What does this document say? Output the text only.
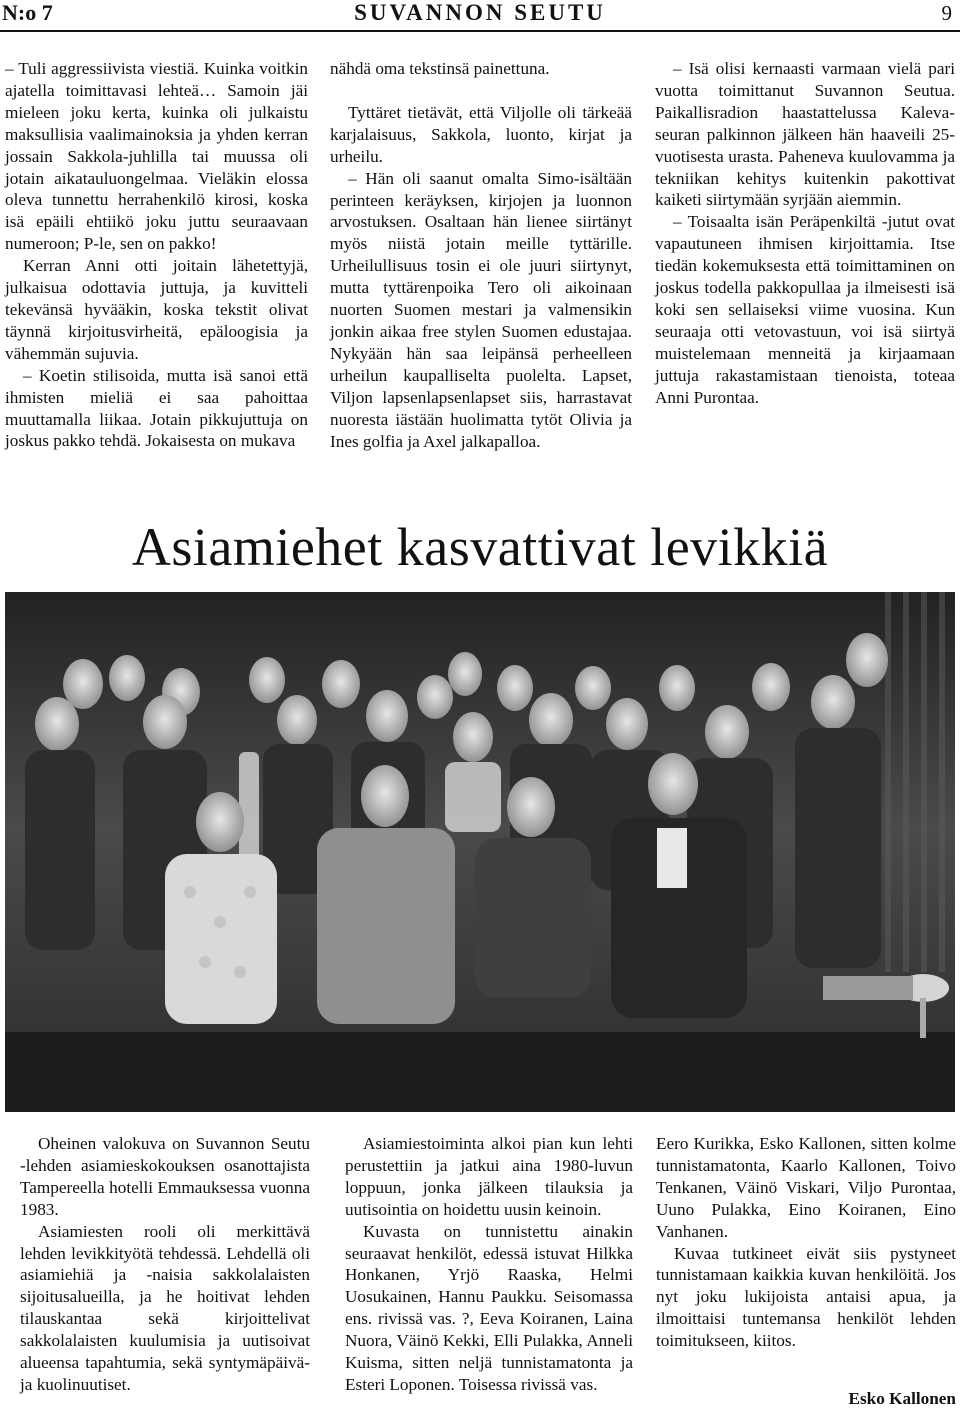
N:o 7	SUVANNON SEUTU	9

– Tuli aggressiivista viestiä. Kuinka voitkin ajatella toimittavasi lehteä… Samoin jäi mieleen joku kerta, kuinka oli julkaistu maksullisia vaalimainoksia ja yhden kerran jossain Sakkola-juhlilla tai muussa oli jotain aikatauluongelmaa. Vieläkin elossa oleva tunnettu herrahenkilö kirosi, koska isä epäili ehtiikö joku juttu seuraavaan numeroon; P-le, sen on pakko!

Kerran Anni otti joitain lähetettyjä, julkaisua odottavia juttuja, ja kuvitteli tekevänsä hyvääkin, koska tekstit olivat täynnä kirjoitusvirheitä, epäloogisia ja vähemmän sujuvia.

– Koetin stilisoida, mutta isä sanoi että ihmisten mieliä ei saa pahoittaa muuttamalla liikaa. Jotain pikkujuttuja on joskus pakko tehdä. Jokaisesta on mukava

nähdä oma tekstinsä painettuna.

Tyttäret tietävät, että Viljolle oli tärkeää karjalaisuus, Sakkola, luonto, kirjat ja urheilu.

– Hän oli saanut omalta Simo-isältään perinteen keräyksen, kirjojen ja luonnon arvostuksen. Osaltaan hän lienee siirtänyt myös niistä jotain meille tyttärille. Urheilullisuus tosin ei ole juuri siirtynyt, mutta tyttärenpoika Tero oli aikoinaan nuorten Suomen mestari ja valmensikin jonkin aikaa free stylen Suomen edustajaa. Nykyään hän saa leipänsä perheelleen urheilun kaupalliselta puolelta. Lapset, Viljon lapsenlapsenlapset siis, harrastavat nuoresta iästään huolimatta tytöt Olivia ja Ines golfia ja Axel jalkapalloa.

– Isä olisi kernaasti varmaan vielä pari vuotta toimittanut Suvannon Seutua. Paikallisradion haastattelussa Kaleva-seuran palkinnon jälkeen hän haaveili 25-vuotisesta urasta. Paheneva kuulovamma ja tekniikan kehitys kuitenkin pakottivat kaiketi siirtymään syrjään aiemmin.

– Toisaalta isän Peräpenkiltä -jutut ovat vapautuneen ihmisen kirjoittamia. Itse tiedän kokemuksesta että toimittaminen on joskus todella pakkopullaa ja ilmeisesti isä koki sen sellaiseksi viime vuosina. Kun seuraaja otti vetovastuun, voi isä siirtyä muistelemaan menneitä ja kirjaamaan juttuja rakastamistaan tienoista, toteaa Anni Purontaa.

Asiamiehet kasvattivat levikkiä

Oheinen valokuva on Suvannon Seutu -lehden asiamieskokouksen osanottajista Tampereella hotelli Emmauksessa vuonna 1983.

Asiamiesten rooli oli merkittävä lehden levikkityötä tehdessä. Lehdellä oli asiamiehiä ja -naisia sakkolalaisten sijoitusalueilla, ja he hoitivat lehden tilauskantaa sekä kirjoittelivat sakkolalaisten kuulumisia ja uutisoivat alueensa tapahtumia, sekä syntymäpäivä- ja kuolinuutiset.

Asiamiestoiminta alkoi pian kun lehti perustettiin ja jatkui aina 1980-luvun loppuun, jonka jälkeen tilauksia ja uutisointia on hoidettu uusin keinoin.

Kuvasta on tunnistettu ainakin seuraavat henkilöt, edessä istuvat Hilkka Honkanen, Yrjö Raaska, Helmi Uosukainen, Hannu Paukku. Seisomassa ens. rivissä vas. ?, Eeva Koiranen, Laina Nuora, Väinö Kekki, Elli Pulakka, Anneli Kuisma, sitten neljä tunnistamatonta ja Esteri Loponen. Toisessa rivissä vas.

Eero Kurikka, Esko Kallonen, sitten kolme tunnistamatonta, Kaarlo Kallonen, Toivo Tenkanen, Väinö Viskari, Viljo Purontaa, Uuno Pulakka, Eino Koiranen, Eino Vanhanen.

Kuvaa tutkineet eivät siis pystyneet tunnistamaan kaikkia kuvan henkilöitä. Jos nyt joku lukijoista antaisi apua, ja ilmoittaisi tuntemansa henkilöt lehden toimitukseen, kiitos.

Esko Kallonen
